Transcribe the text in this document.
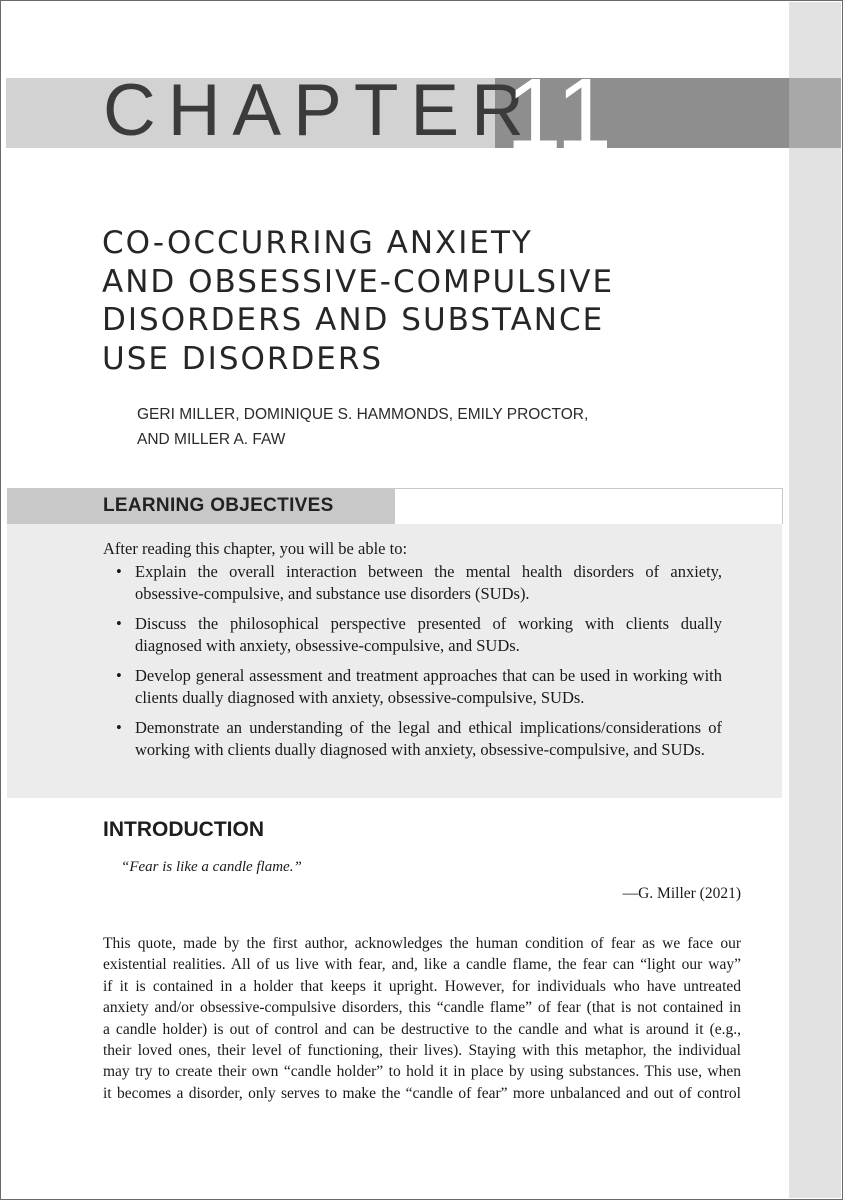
CHAPTER
11
CO-OCCURRING ANXIETY
AND OBSESSIVE-COMPULSIVE
DISORDERS AND SUBSTANCE
USE DISORDERS
GERI MILLER, DOMINIQUE S. HAMMONDS, EMILY PROCTOR,
AND MILLER A. FAW
LEARNING OBJECTIVES
After reading this chapter, you will be able to:
• Explain the overall interaction between the mental health disorders of anxiety, obsessive-compulsive, and substance use disorders (SUDs).
• Discuss the philosophical perspective presented of working with clients dually diagnosed with anxiety, obsessive-compulsive, and SUDs.
• Develop general assessment and treatment approaches that can be used in working with clients dually diagnosed with anxiety, obsessive-compulsive, SUDs.
• Demonstrate an understanding of the legal and ethical implications/considerations of working with clients dually diagnosed with anxiety, obsessive-compulsive, and SUDs.
INTRODUCTION
“Fear is like a candle flame.”
—G. Miller (2021)

This quote, made by the first author, acknowledges the human condition of fear as we face our
existential realities. All of us live with fear, and, like a candle flame, the fear can “light our way”
if it is contained in a holder that keeps it upright. However, for individuals who have untreated
anxiety and/or obsessive-compulsive disorders, this “candle flame” of fear (that is not contained in
a candle holder) is out of control and can be destructive to the candle and what is around it (e.g.,
their loved ones, their level of functioning, their lives). Staying with this metaphor, the individual
may try to create their own “candle holder” to hold it in place by using substances. This use, when
it becomes a disorder, only serves to make the “candle of fear” more unbalanced and out of control
